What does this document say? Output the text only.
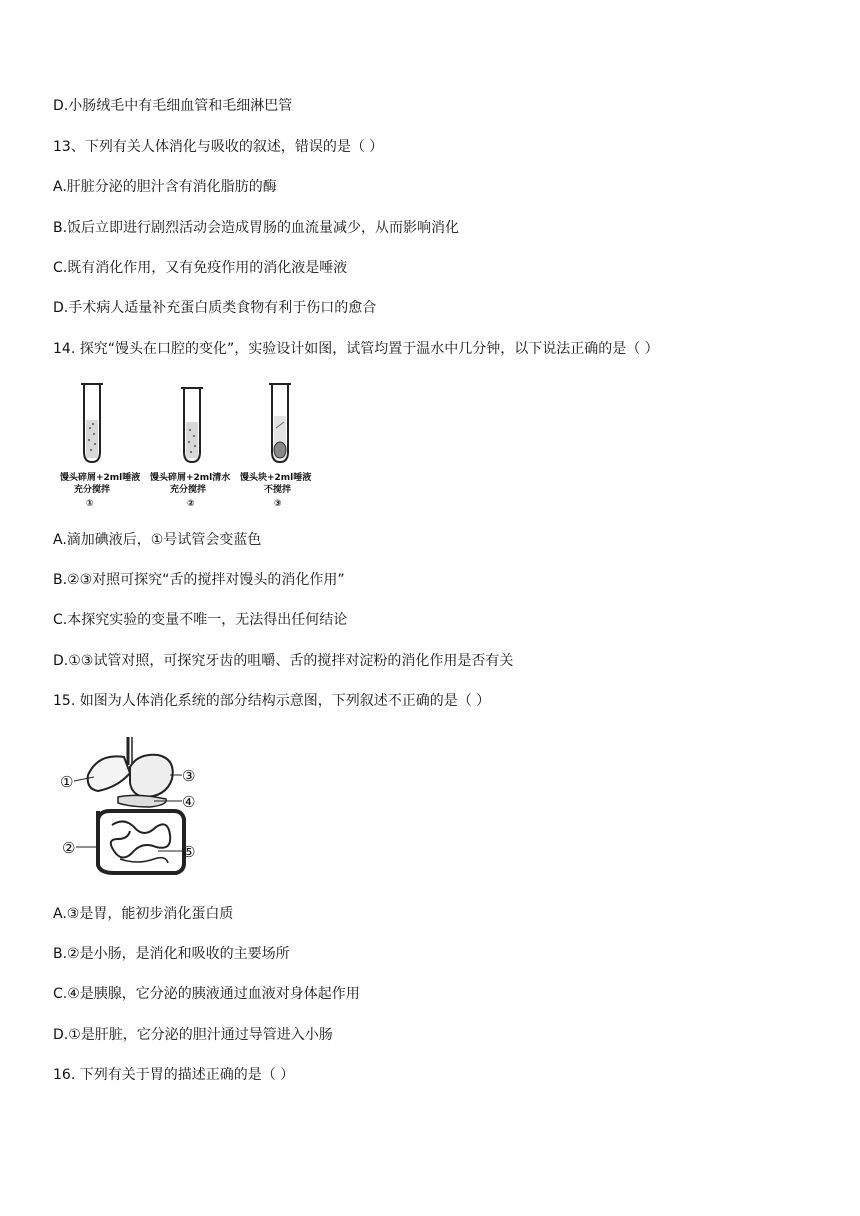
D.小肠绒毛中有毛细血管和毛细淋巴管
13、下列有关人体消化与吸收的叙述，错误的是（ ）
A.肝脏分泌的胆汁含有消化脂肪的酶
B.饭后立即进行剧烈活动会造成胃肠的血流量减少，从而影响消化
C.既有消化作用，又有免疫作用的消化液是唾液
D.手术病人适量补充蛋白质类食物有利于伤口的愈合
14. 探究“馒头在口腔的变化”，实验设计如图，试管均置于温水中几分钟，以下说法正确的是（ ）
馒头碎屑+2ml唾液
充分搅拌
①
馒头碎屑+2ml清水
充分搅拌
②
馒头块+2ml唾液
不搅拌
③
A.滴加碘液后，①号试管会变蓝色
B.②③对照可探究“舌的搅拌对馒头的消化作用”
C.本探究实验的变量不唯一，无法得出任何结论
D.①③试管对照，可探究牙齿的咀嚼、舌的搅拌对淀粉的消化作用是否有关
15. 如图为人体消化系统的部分结构示意图，下列叙述不正确的是（ ）
①
②
③
④
⑤
A.③是胃，能初步消化蛋白质
B.②是小肠，是消化和吸收的主要场所
C.④是胰腺，它分泌的胰液通过血液对身体起作用
D.①是肝脏，它分泌的胆汁通过导管进入小肠
16. 下列有关于胃的描述正确的是（ ）
